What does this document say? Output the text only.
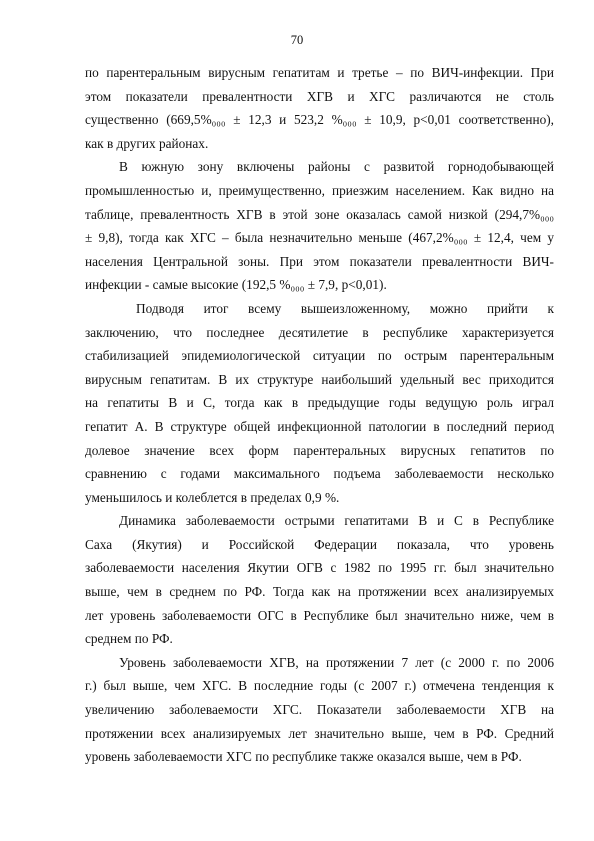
70

по парентеральным вирусным гепатитам и третье – по ВИЧ-инфекции. При
этом показатели превалентности ХГВ и ХГС различаются не столь
существенно (669,5%₀₀₀ ± 12,3 и 523,2 %₀₀₀ ± 10,9, p<0,01 соответственно),
как в других районах.

В южную зону включены районы с развитой горнодобывающей
промышленностью и, преимущественно, приезжим населением. Как видно на
таблице, превалентность ХГВ в этой зоне оказалась самой низкой (294,7%₀₀₀
± 9,8), тогда как ХГС – была незначительно меньше (467,2%₀₀₀ ± 12,4, чем у
населения Центральной зоны. При этом показатели превалентности ВИЧ-
инфекции - самые высокие (192,5 %₀₀₀ ± 7,9, p<0,01).

Подводя итог всему вышеизложенному, можно прийти к
заключению, что последнее десятилетие в республике характеризуется
стабилизацией эпидемиологической ситуации по острым парентеральным
вирусным гепатитам. В их структуре наибольший удельный вес приходится
на гепатиты В и С, тогда как в предыдущие годы ведущую роль играл
гепатит А. В структуре общей инфекционной патологии в последний период
долевое значение всех форм парентеральных вирусных гепатитов по
сравнению с годами максимального подъема заболеваемости несколько
уменьшилось и колеблется в пределах 0,9 %.

Динамика заболеваемости острыми гепатитами В и С в Республике
Саха (Якутия) и Российской Федерации показала, что уровень
заболеваемости населения Якутии ОГВ с 1982 по 1995 гг. был значительно
выше, чем в среднем по РФ. Тогда как на протяжении всех анализируемых
лет уровень заболеваемости ОГС в Республике был значительно ниже, чем в
среднем по РФ.

Уровень заболеваемости ХГВ, на протяжении 7 лет (с 2000 г. по 2006
г.) был выше, чем ХГС. В последние годы (с 2007 г.) отмечена тенденция к
увеличению заболеваемости ХГС. Показатели заболеваемости ХГВ на
протяжении всех анализируемых лет значительно выше, чем в РФ. Средний
уровень заболеваемости ХГС по республике также оказался выше, чем в РФ.
